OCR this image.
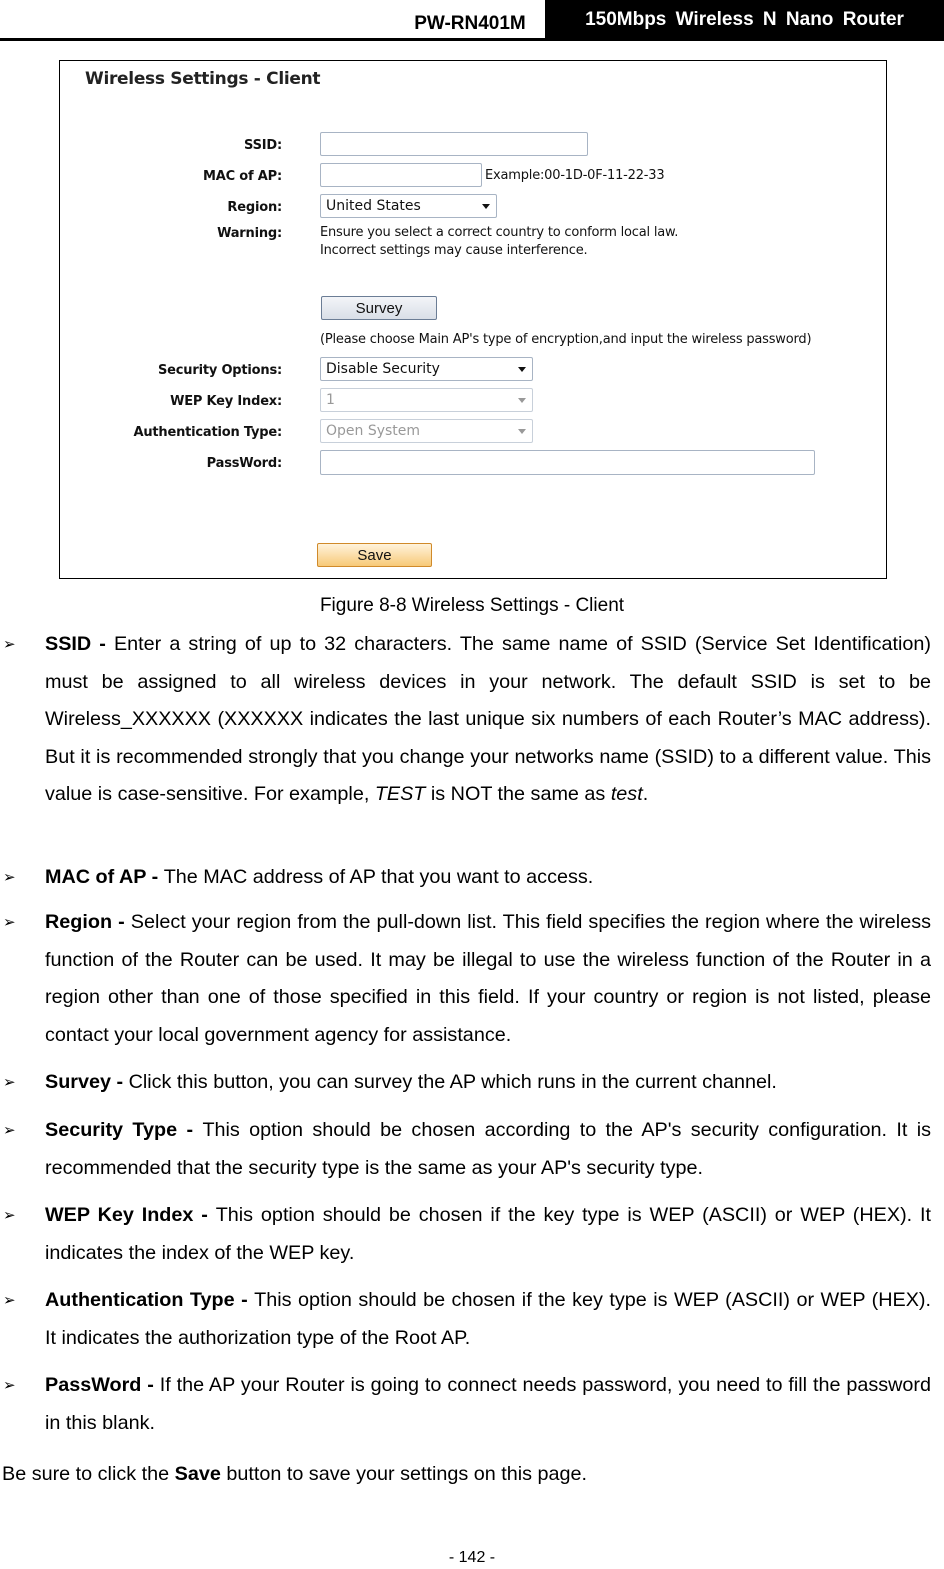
PW-RN401M	150Mbps Wireless N Nano Router
Wireless Settings - Client
SSID:
MAC of AP:	Example:00-1D-0F-11-22-33
Region:	United States
Warning:	Ensure you select a correct country to conform local law.
Incorrect settings may cause interference.
Survey
(Please choose Main AP's type of encryption,and input the wireless password)
Security Options:	Disable Security
WEP Key Index:	1
Authentication Type:	Open System
PassWord:
Save
Figure 8-8 Wireless Settings - Client
➢ SSID - Enter a string of up to 32 characters. The same name of SSID (Service Set Identification) must be assigned to all wireless devices in your network. The default SSID is set to be Wireless_XXXXXX (XXXXXX indicates the last unique six numbers of each Router’s MAC address). But it is recommended strongly that you change your networks name (SSID) to a different value. This value is case-sensitive. For example, TEST is NOT the same as test.
➢ MAC of AP - The MAC address of AP that you want to access.
➢ Region - Select your region from the pull-down list. This field specifies the region where the wireless function of the Router can be used. It may be illegal to use the wireless function of the Router in a region other than one of those specified in this field. If your country or region is not listed, please contact your local government agency for assistance.
➢ Survey - Click this button, you can survey the AP which runs in the current channel.
➢ Security Type - This option should be chosen according to the AP's security configuration. It is recommended that the security type is the same as your AP's security type.
➢ WEP Key Index - This option should be chosen if the key type is WEP (ASCII) or WEP (HEX). It indicates the index of the WEP key.
➢ Authentication Type - This option should be chosen if the key type is WEP (ASCII) or WEP (HEX). It indicates the authorization type of the Root AP.
➢ PassWord - If the AP your Router is going to connect needs password, you need to fill the password in this blank.
Be sure to click the Save button to save your settings on this page.
- 142 -
